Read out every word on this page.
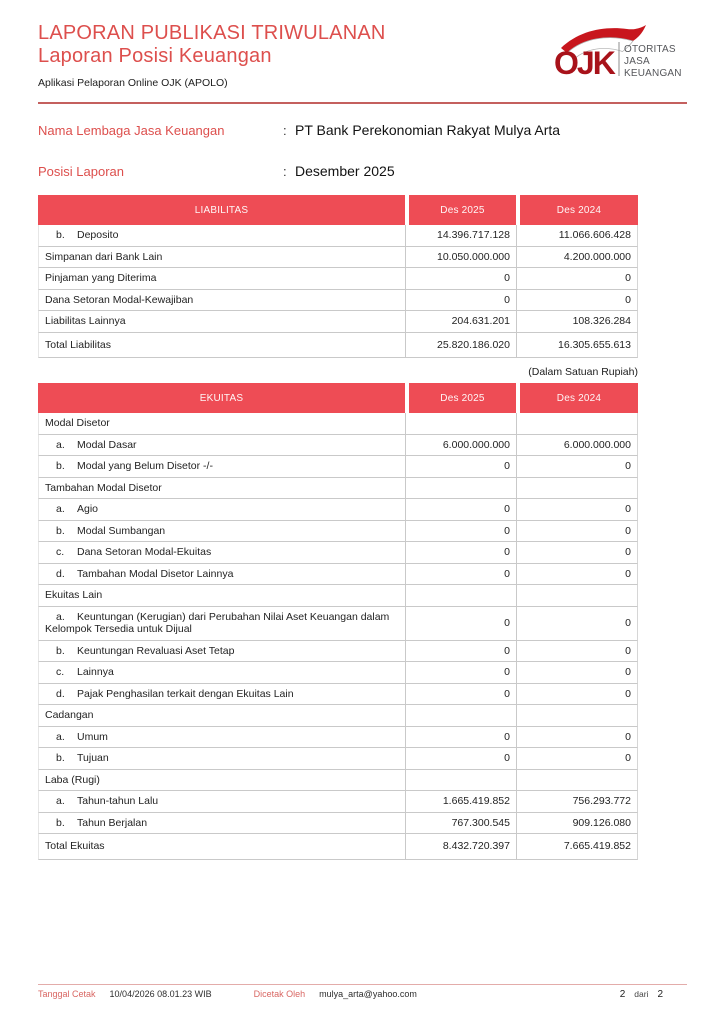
LAPORAN PUBLIKASI TRIWULANAN
Laporan Posisi Keuangan
Aplikasi Pelaporan Online OJK (APOLO)
OJK OTORITAS JASA KEUANGAN
Nama Lembaga Jasa Keuangan	: PT Bank Perekonomian Rakyat Mulya Arta
Posisi Laporan	: Desember 2025
LIABILITAS	Des 2025	Des 2024
b. Deposito	14.396.717.128	11.066.606.428
Simpanan dari Bank Lain	10.050.000.000	4.200.000.000
Pinjaman yang Diterima	0	0
Dana Setoran Modal-Kewajiban	0	0
Liabilitas Lainnya	204.631.201	108.326.284
Total Liabilitas	25.820.186.020	16.305.655.613
(Dalam Satuan Rupiah)
EKUITAS	Des 2025	Des 2024
Modal Disetor		
a. Modal Dasar	6.000.000.000	6.000.000.000
b. Modal yang Belum Disetor -/-	0	0
Tambahan Modal Disetor		
a. Agio	0	0
b. Modal Sumbangan	0	0
c. Dana Setoran Modal-Ekuitas	0	0
d. Tambahan Modal Disetor Lainnya	0	0
Ekuitas Lain		
a. Keuntungan (Kerugian) dari Perubahan Nilai Aset Keuangan dalam Kelompok Tersedia untuk Dijual	0	0
b. Keuntungan Revaluasi Aset Tetap	0	0
c. Lainnya	0	0
d. Pajak Penghasilan terkait dengan Ekuitas Lain	0	0
Cadangan		
a. Umum	0	0
b. Tujuan	0	0
Laba (Rugi)		
a. Tahun-tahun Lalu	1.665.419.852	756.293.772
b. Tahun Berjalan	767.300.545	909.126.080
Total Ekuitas	8.432.720.397	7.665.419.852
Tanggal Cetak 10/04/2026 08.01.23 WIB	Dicetak Oleh mulya_arta@yahoo.com	2 dari 2
